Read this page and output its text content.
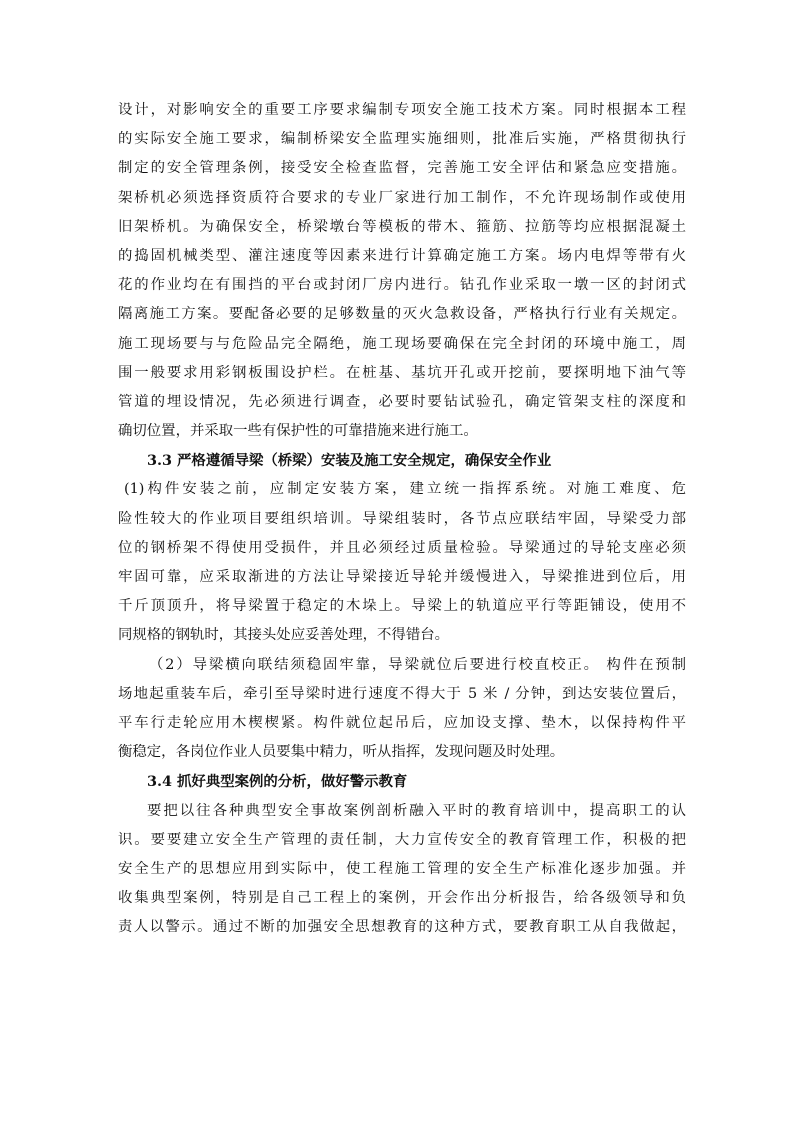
设计，对影响安全的重要工序要求编制专项安全施工技术方案。同时根据本工程
的实际安全施工要求，编制桥梁安全监理实施细则，批准后实施，严格贯彻执行
制定的安全管理条例，接受安全检查监督，完善施工安全评估和紧急应变措施。
架桥机必须选择资质符合要求的专业厂家进行加工制作，不允许现场制作或使用
旧架桥机。为确保安全，桥梁墩台等模板的带木、箍筋、拉筋等均应根据混凝土
的捣固机械类型、灌注速度等因素来进行计算确定施工方案。场内电焊等带有火
花的作业均在有围挡的平台或封闭厂房内进行。钻孔作业采取一墩一区的封闭式
隔离施工方案。要配备必要的足够数量的灭火急救设备，严格执行行业有关规定。
施工现场要与与危险品完全隔绝，施工现场要确保在完全封闭的环境中施工，周
围一般要求用彩钢板围设护栏。在桩基、基坑开孔或开挖前，要探明地下油气等
管道的埋设情况，先必须进行调查，必要时要钻试验孔，确定管架支柱的深度和
确切位置，并采取一些有保护性的可靠措施来进行施工。
3.3 严格遵循导梁（桥梁）安装及施工安全规定，确保安全作业
(1)构件安装之前，应制定安装方案，建立统一指挥系统。对施工难度、危
险性较大的作业项目要组织培训。导梁组装时，各节点应联结牢固，导梁受力部
位的钢桥架不得使用受损件，并且必须经过质量检验。导梁通过的导轮支座必须
牢固可靠，应采取渐进的方法让导梁接近导轮并缓慢进入，导梁推进到位后，用
千斤顶顶升，将导梁置于稳定的木垛上。导梁上的轨道应平行等距铺设，使用不
同规格的钢轨时，其接头处应妥善处理，不得错台。
（2）导梁横向联结须稳固牢靠，导梁就位后要进行校直校正。 构件在预制
场地起重装车后，牵引至导梁时进行速度不得大于 5 米 / 分钟，到达安装位置后，
平车行走轮应用木楔楔紧。构件就位起吊后，应加设支撑、垫木，以保持构件平
衡稳定，各岗位作业人员要集中精力，听从指挥，发现问题及时处理。
3.4 抓好典型案例的分析，做好警示教育
要把以往各种典型安全事故案例剖析融入平时的教育培训中，提高职工的认
识。要要建立安全生产管理的责任制，大力宣传安全的教育管理工作，积极的把
安全生产的思想应用到实际中，使工程施工管理的安全生产标准化逐步加强。并
收集典型案例，特别是自己工程上的案例，开会作出分析报告，给各级领导和负
责人以警示。通过不断的加强安全思想教育的这种方式，要教育职工从自我做起，
